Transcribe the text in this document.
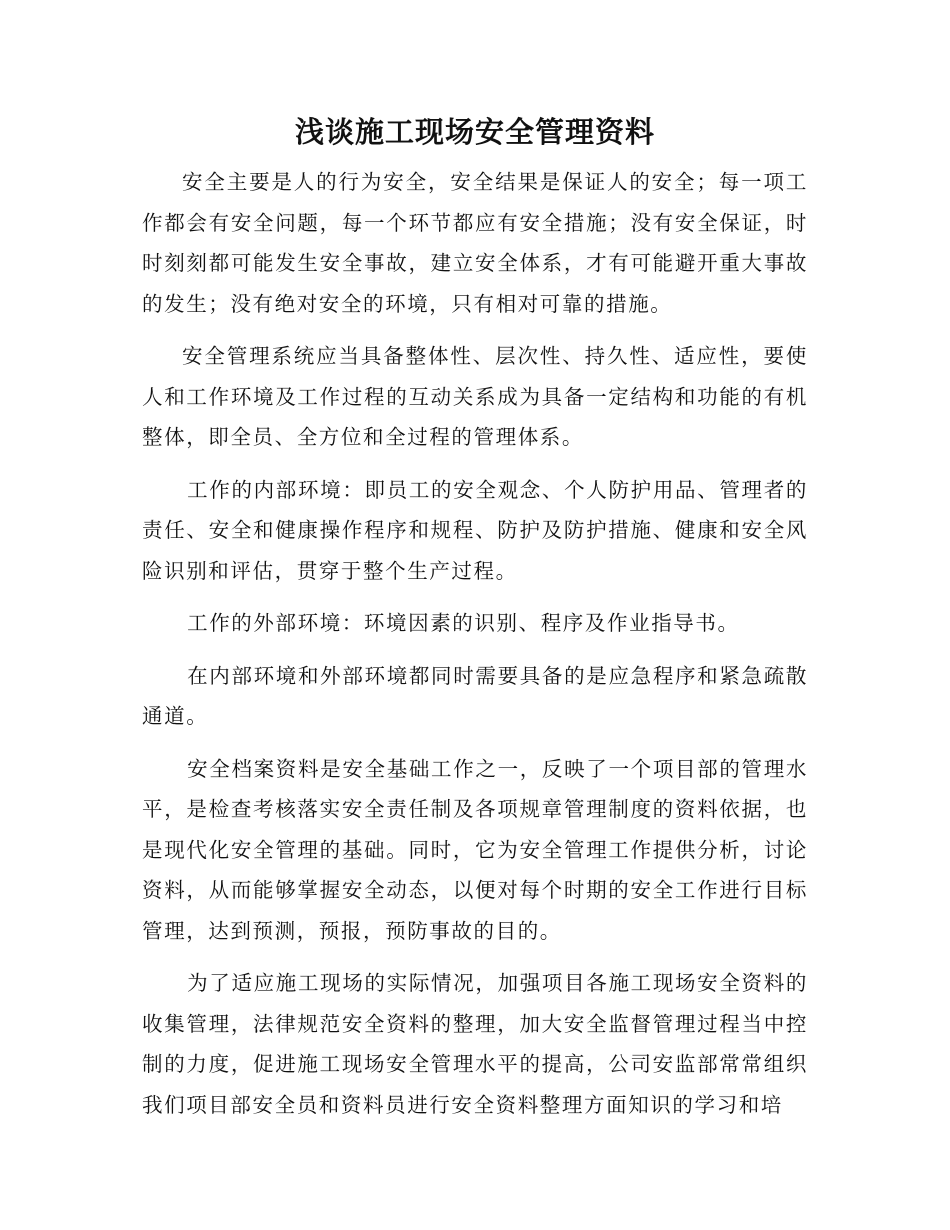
浅谈施工现场安全管理资料

安全主要是人的行为安全，安全结果是保证人的安全；每一项工作都会有安全问题，每一个环节都应有安全措施；没有安全保证，时时刻刻都可能发生安全事故，建立安全体系，才有可能避开重大事故的发生；没有绝对安全的环境，只有相对可靠的措施。

安全管理系统应当具备整体性、层次性、持久性、适应性，要使人和工作环境及工作过程的互动关系成为具备一定结构和功能的有机整体，即全员、全方位和全过程的管理体系。

工作的内部环境：即员工的安全观念、个人防护用品、管理者的责任、安全和健康操作程序和规程、防护及防护措施、健康和安全风险识别和评估，贯穿于整个生产过程。

工作的外部环境：环境因素的识别、程序及作业指导书。

在内部环境和外部环境都同时需要具备的是应急程序和紧急疏散通道。

安全档案资料是安全基础工作之一，反映了一个项目部的管理水平，是检查考核落实安全责任制及各项规章管理制度的资料依据，也是现代化安全管理的基础。同时，它为安全管理工作提供分析，讨论资料，从而能够掌握安全动态，以便对每个时期的安全工作进行目标管理，达到预测，预报，预防事故的目的。

为了适应施工现场的实际情况，加强项目各施工现场安全资料的收集管理，法律规范安全资料的整理，加大安全监督管理过程当中控制的力度，促进施工现场安全管理水平的提高，公司安监部常常组织我们项目部安全员和资料员进行安全资料整理方面知识的学习和培
